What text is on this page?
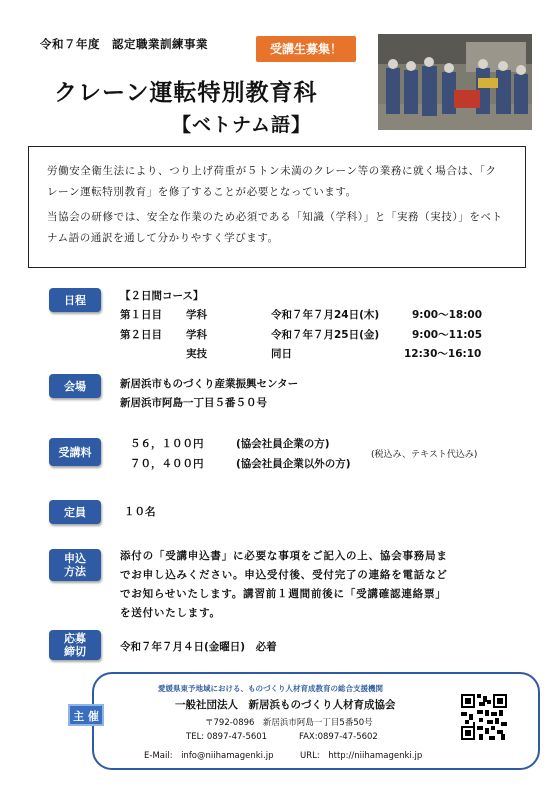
令和７年度　認定職業訓練事業	受講生募集！
クレーン運転特別教育科
【ベトナム語】

労働安全衛生法により、つり上げ荷重が５トン未満のクレーン等の業務に就く場合は、「クレーン運転特別教育」を修了することが必要となっています。

当協会の研修では、安全な作業のため必須である「知識（学科）」と「実務（実技）」をベトナム語の通訳を通して分かりやすく学びます。

日程	【２日間コース】
第１日目 学科	令和７年７月24日(木)	9:00～18:00
第２日目 学科	令和７年７月25日(金)	9:00～11:05
実技	同日	12:30～16:10
会場	新居浜市ものづくり産業振興センター
新居浜市阿島一丁目５番５０号
受講料
５６，１００円	(協会社員企業の方)
７０，４００円	(協会社員企業以外の方)
(税込み、テキスト代込み)
定員	１０名
申込
方法
添付の「受講申込書」に必要な事項をご記入の上、協会事務局ま
でお申し込みください。申込受付後、受付完了の連絡を電話など
でお知らせいたします。講習前１週間前後に「受講確認連絡票」
を送付いたします。
応募
締切	令和７年７月４日(金曜日)　必着
主 催
愛媛県東予地域における、ものづくり人材育成教育の総合支援機関
一般社団法人　新居浜ものづくり人材育成協会
〒792-0896　新居浜市阿島一丁目5番50号
TEL: 0897-47-5601	FAX:0897-47-5602
E-Mail:　info@niihamagenki.jp	URL:　http://niihamagenki.jp
